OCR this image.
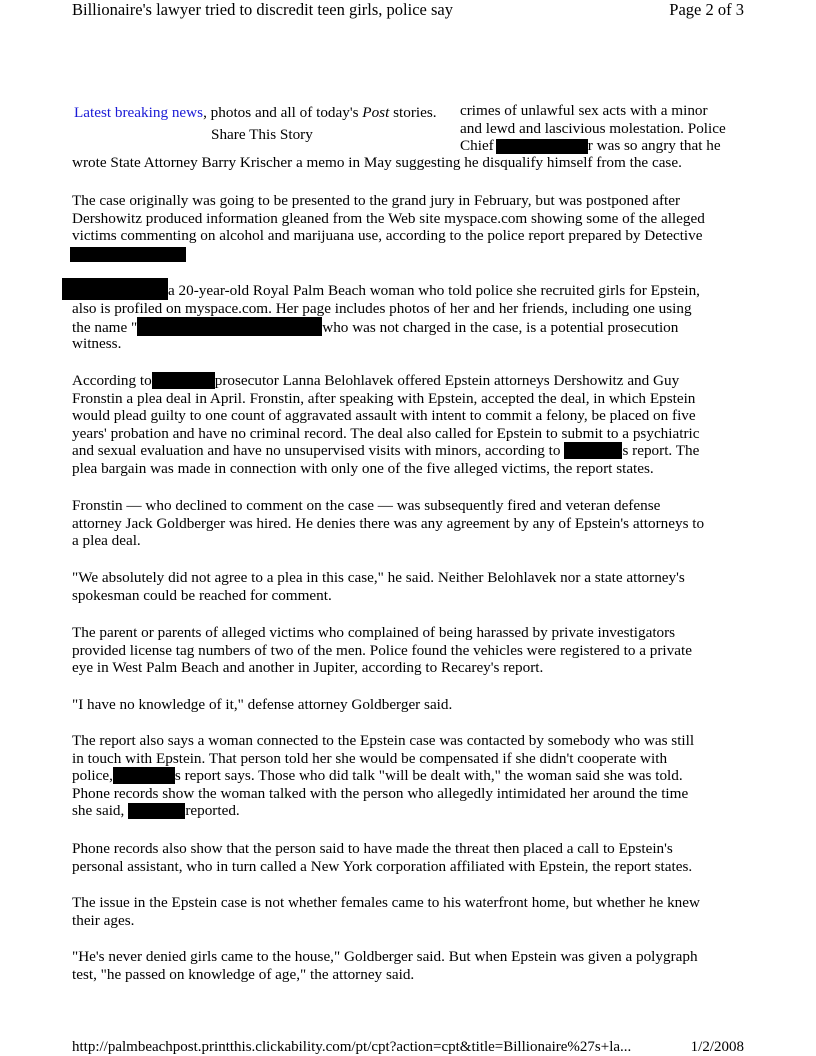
Billionaire's lawyer tried to discredit teen girls, police say	Page 2 of 3
Latest breaking news, photos and all of today's Post stories.
Share This Story
crimes of unlawful sex acts with a minor
and lewd and lascivious molestation. Police
Chief	r was so angry that he
wrote State Attorney Barry Krischer a memo in May suggesting he disqualify himself from the case.
The case originally was going to be presented to the grand jury in February, but was postponed after
Dershowitz produced information gleaned from the Web site myspace.com showing some of the alleged
victims commenting on alcohol and marijuana use, according to the police report prepared by Detective
a 20-year-old Royal Palm Beach woman who told police she recruited girls for Epstein,
also is profiled on myspace.com. Her page includes photos of her and her friends, including one using
the name "	who was not charged in the case, is a potential prosecution
witness.
According to	prosecutor Lanna Belohlavek offered Epstein attorneys Dershowitz and Guy
Fronstin a plea deal in April. Fronstin, after speaking with Epstein, accepted the deal, in which Epstein
would plead guilty to one count of aggravated assault with intent to commit a felony, be placed on five
years' probation and have no criminal record. The deal also called for Epstein to submit to a psychiatric
and sexual evaluation and have no unsupervised visits with minors, according to	s report. The
plea bargain was made in connection with only one of the five alleged victims, the report states.
Fronstin — who declined to comment on the case — was subsequently fired and veteran defense
attorney Jack Goldberger was hired. He denies there was any agreement by any of Epstein's attorneys to
a plea deal.
"We absolutely did not agree to a plea in this case," he said. Neither Belohlavek nor a state attorney's
spokesman could be reached for comment.
The parent or parents of alleged victims who complained of being harassed by private investigators
provided license tag numbers of two of the men. Police found the vehicles were registered to a private
eye in West Palm Beach and another in Jupiter, according to Recarey's report.
"I have no knowledge of it," defense attorney Goldberger said.
The report also says a woman connected to the Epstein case was contacted by somebody who was still
in touch with Epstein. That person told her she would be compensated if she didn't cooperate with
police,	s report says. Those who did talk "will be dealt with," the woman said she was told.
Phone records show the woman talked with the person who allegedly intimidated her around the time
she said,	reported.
Phone records also show that the person said to have made the threat then placed a call to Epstein's
personal assistant, who in turn called a New York corporation affiliated with Epstein, the report states.
The issue in the Epstein case is not whether females came to his waterfront home, but whether he knew
their ages.
"He's never denied girls came to the house," Goldberger said. But when Epstein was given a polygraph
test, "he passed on knowledge of age," the attorney said.
http://palmbeachpost.printthis.clickability.com/pt/cpt?action=cpt&title=Billionaire%27s+la...	1/2/2008
